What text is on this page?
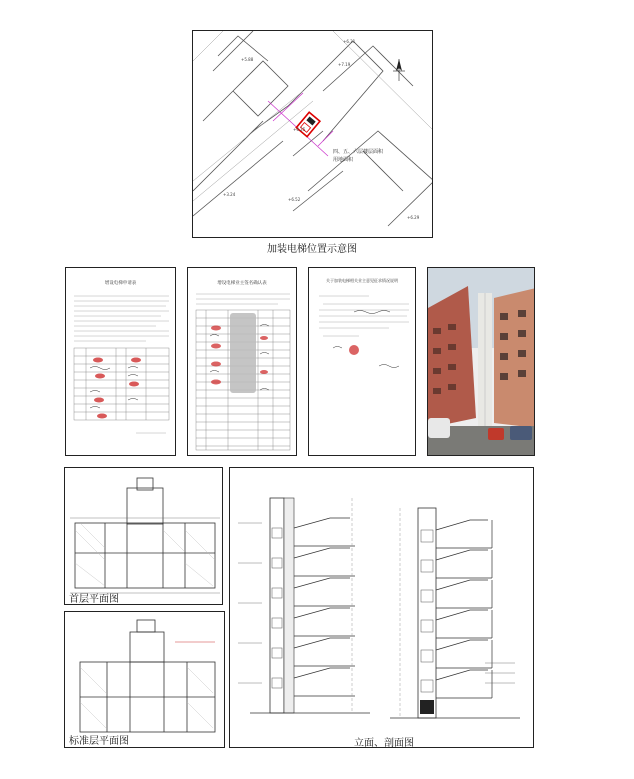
四、五、六层楼层面积
用地面积
+6.31
+7.19
+3.24
+6.52
+6.29
+6.25
+5.88
加装电梯位置示意图
增设电梯申请表	增设电梯业主签名确认表
关于加装电梯相关业主意见征求情况说明
首层平面图
标准层平面图	立面、剖面图
